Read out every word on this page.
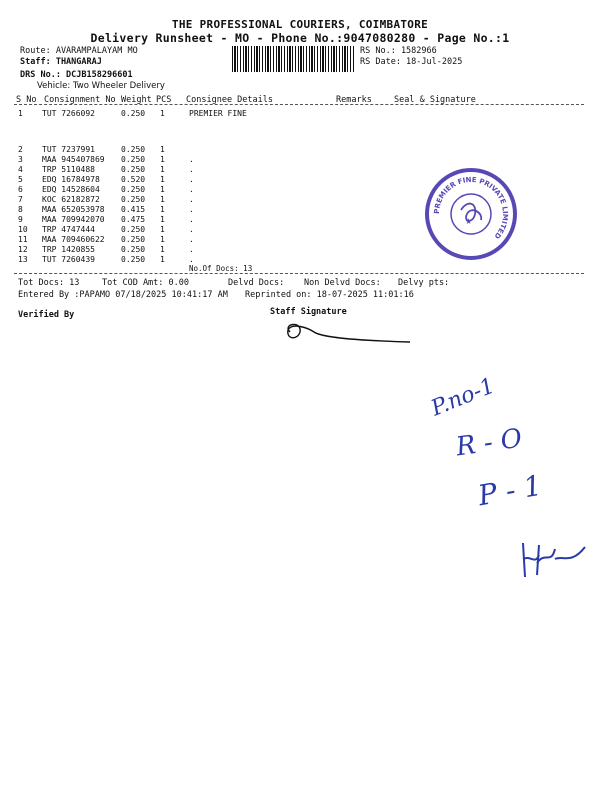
THE PROFESSIONAL COURIERS, COIMBATORE
Delivery Runsheet - MO - Phone No.:9047080280 - Page No.:1
Route: AVARAMPALAYAM MO
Staff: THANGARAJ
DRS No.: DCJB158296601
Vehicle: Two Wheeler Delivery
RS No.: 1582966
RS Date: 18-Jul-2025
S No Consignment No Weight PCS Consignee Details	Remarks	Seal & Signature
1 TUT 7266092	0.250 1	PREMIER FINE
2 TUT 7237991	0.250 1
3 MAA 945407869 0.250 1	.
4 TRP 5110488	0.250 1	.
5 EDQ 16784978	0.520 1	.
6 EDQ 14528604	0.250 1	.
7 KOC 62182872	0.250 1	.
8 MAA 652053978 0.415 1	.
9 MAA 709942070 0.475 1	.
10 TRP 4747444	0.250 1	.
11 MAA 709460622 0.250 1	.
12 TRP 1420855	0.250 1	.
13 TUT 7260439	0.250 1	.
No.Of Docs: 13
Tot Docs: 13	Tot COD Amt: 0.00	Delvd Docs: Non Delvd Docs: Delvy pts:
Entered By :PAPAMO 07/18/2025 10:41:17 AM Reprinted on: 18-07-2025 11:01:16
Verified By	Staff Signature
PREMIER FINE PRIVATE LIMITED
★
P.no-1
R - O
P - 1
